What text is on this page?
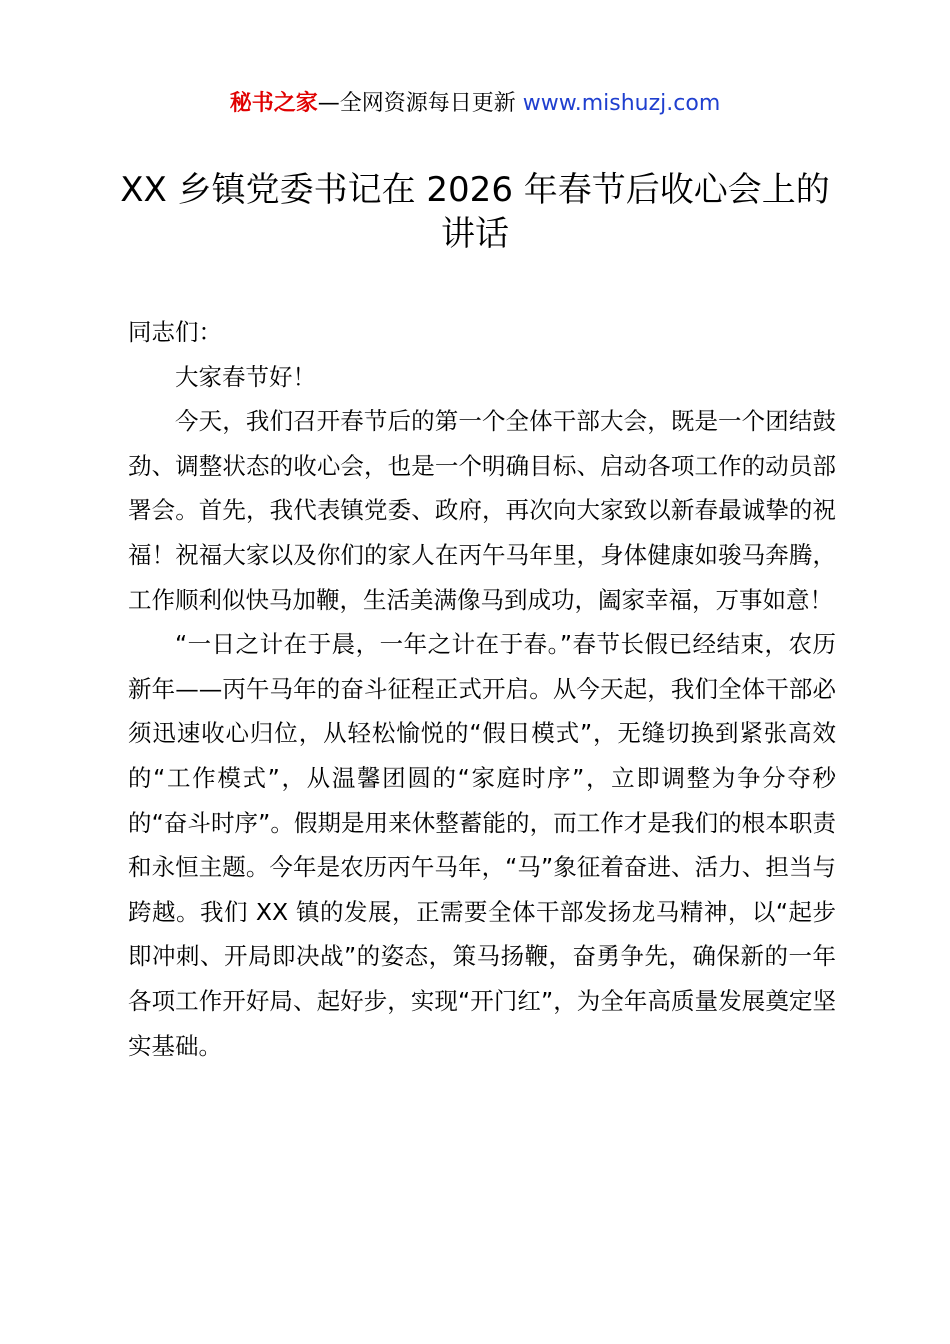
秘书之家—全网资源每日更新 www.mishuzj.com
XX 乡镇党委书记在 2026 年春节后收心会上的讲话

同志们：

大家春节好！

今天，我们召开春节后的第一个全体干部大会，既是一个团结鼓劲、调整状态的收心会，也是一个明确目标、启动各项工作的动员部署会。首先，我代表镇党委、政府，再次向大家致以新春最诚挚的祝福！祝福大家以及你们的家人在丙午马年里，身体健康如骏马奔腾，工作顺利似快马加鞭，生活美满像马到成功，阖家幸福，万事如意！

“一日之计在于晨，一年之计在于春。”春节长假已经结束，农历新年——丙午马年的奋斗征程正式开启。从今天起，我们全体干部必须迅速收心归位，从轻松愉悦的“假日模式”，无缝切换到紧张高效的“工作模式”，从温馨团圆的“家庭时序”，立即调整为争分夺秒的“奋斗时序”。假期是用来休整蓄能的，而工作才是我们的根本职责和永恒主题。今年是农历丙午马年，“马”象征着奋进、活力、担当与跨越。我们 XX 镇的发展，正需要全体干部发扬龙马精神，以“起步即冲刺、开局即决战”的姿态，策马扬鞭，奋勇争先，确保新的一年各项工作开好局、起好步，实现“开门红”，为全年高质量发展奠定坚实基础。
